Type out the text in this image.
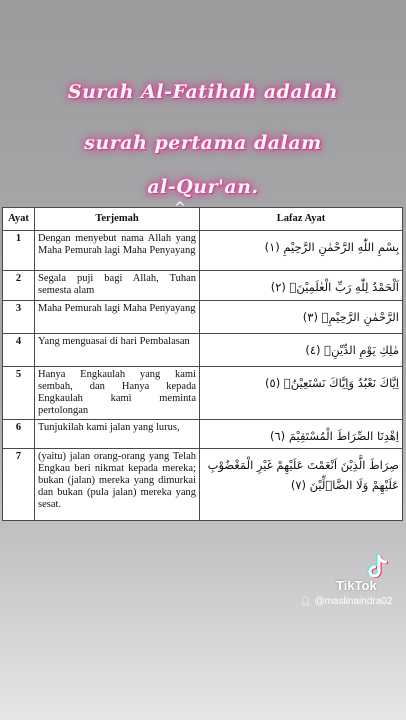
Surah Al-Fatihah adalah
surah pertama dalam
al-Qur'an.
Ayat	Terjemah	Lafaz Ayat
1	Dengan menyebut nama Allah yang Maha Pemurah lagi Maha Penyayang	بِسْمِ اللّٰهِ الرَّحْمٰنِ الرَّحِيْمِ (١)
2	Segala puji bagi Allah, Tuhan semesta alam	اَلْحَمْدُ لِلّٰهِ رَبِّ الْعٰلَمِيْنَۙ (٢)
3	Maha Pemurah lagi Maha Penyayang	الرَّحْمٰنِ الرَّحِيْمِۙ (٣)
4	Yang menguasai di hari Pembalasan	مٰلِكِ يَوْمِ الدِّيْنِۗ (٤)
5	Hanya Engkaulah yang kami sembah, dan Hanya kepada Engkaulah kami meminta pertolongan	اِيَّاكَ نَعْبُدُ وَاِيَّاكَ نَسْتَعِيْنُۗ (٥)
6	Tunjukilah kami jalan yang lurus,	اِهْدِنَا الصِّرَاطَ الْمُسْتَقِيْمَ (٦)
7	(yaitu) jalan orang-orang yang Telah Engkau beri nikmat kepada mereka; bukan (jalan) mereka yang dimurkai dan bukan (pula jalan) mereka yang sesat.	صِرَاطَ الَّذِيْنَ اَنْعَمْتَ عَلَيْهِمْ غَيْرِ الْمَغْضُوْبِ عَلَيْهِمْ وَلَا الضَّاۤلِّيْنَ (٧)
TikTok
👤︎ @maslinaindra02
